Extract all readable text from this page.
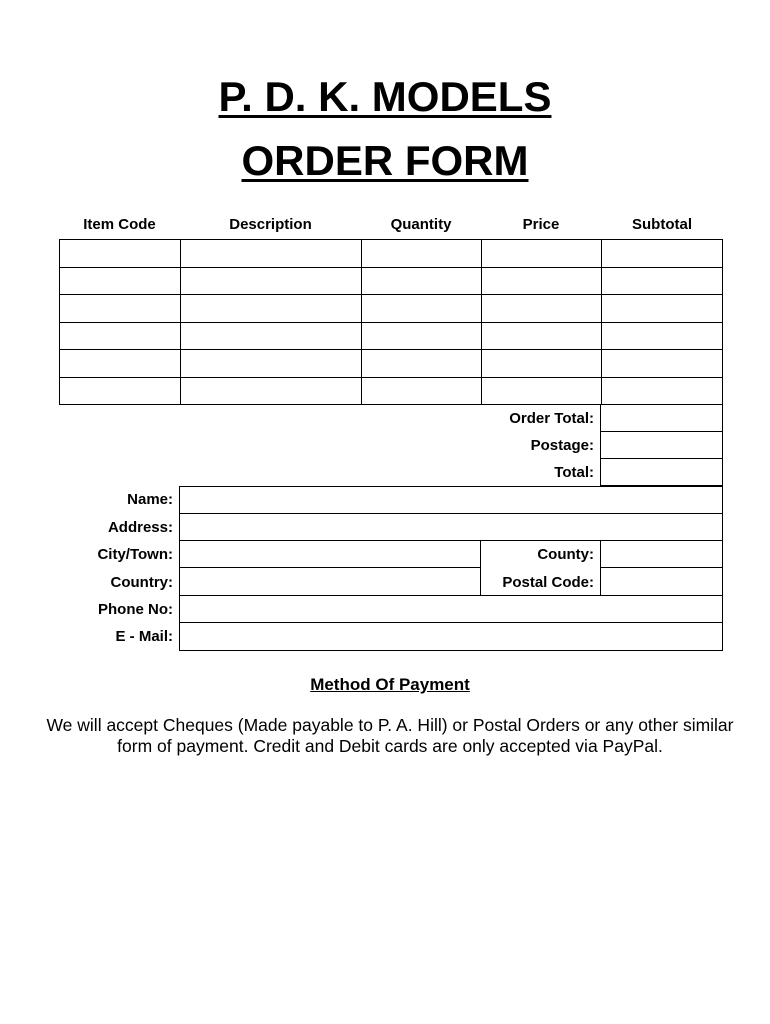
P. D. K. MODELS
ORDER FORM
Item Code	Description	Quantity	Price	Subtotal
Order Total:
Postage:
Total:
Name:
Address:
City/Town:	County:
Country:	Postal Code:
Phone No:
E - Mail:
Method Of Payment
We will accept Cheques (Made payable to P. A. Hill) or Postal Orders or any other similar form of payment. Credit and Debit cards are only accepted via PayPal.
